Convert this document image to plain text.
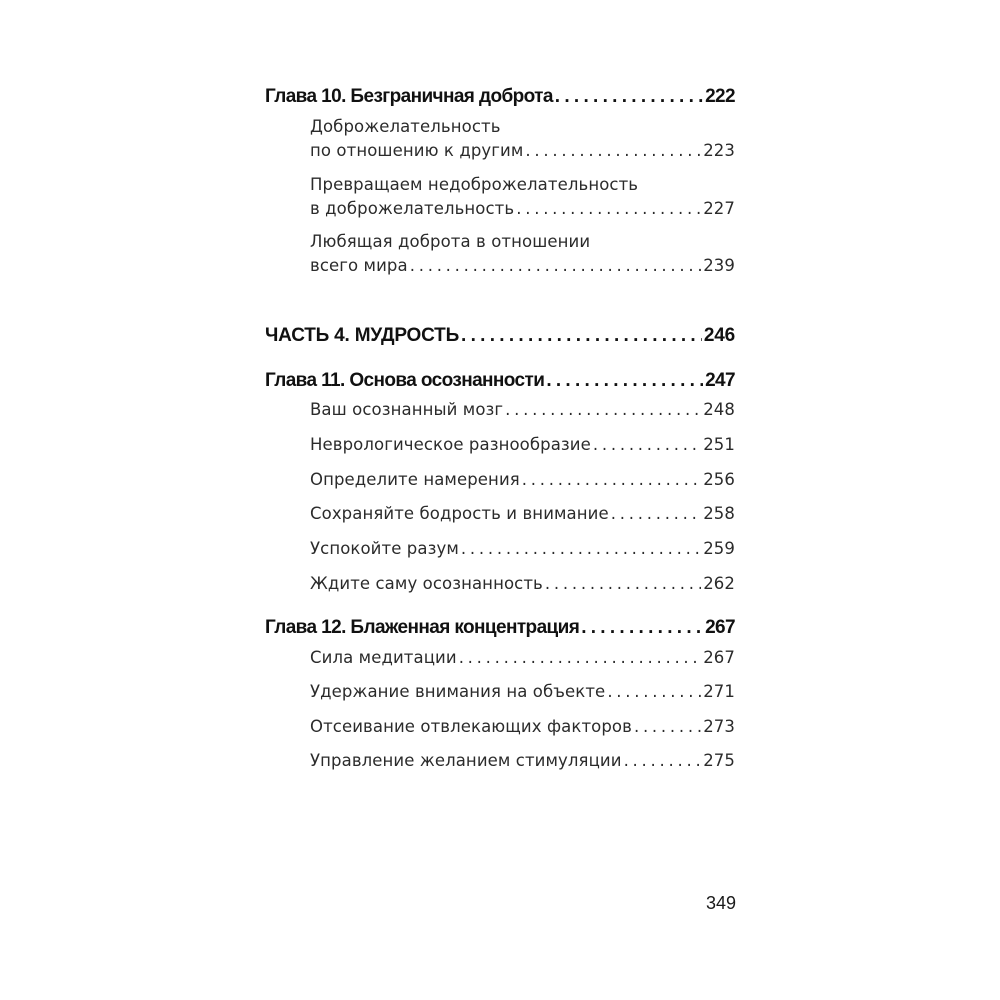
Глава 10. Безграничная доброта . . .	222
Доброжелательность
по отношению к другим . . .	223
Превращаем недоброжелательность
в доброжелательность . . .	227
Любящая доброта в отношении
всего мира . . .	239
ЧАСТЬ 4. МУДРОСТЬ . . .	246
Глава 11. Основа осознанности . . .	247
Ваш осознанный мозг . . .	248
Неврологическое разнообразие . . .	251
Определите намерения . . .	256
Сохраняйте бодрость и внимание . . .	258
Успокойте разум . . .	259
Ждите саму осознанность . . .	262
Глава 12. Блаженная концентрация . . .	267
Сила медитации . . .	267
Удержание внимания на объекте . . .	271
Отсеивание отвлекающих факторов . . .	273
Управление желанием стимуляции . . .	275
349
